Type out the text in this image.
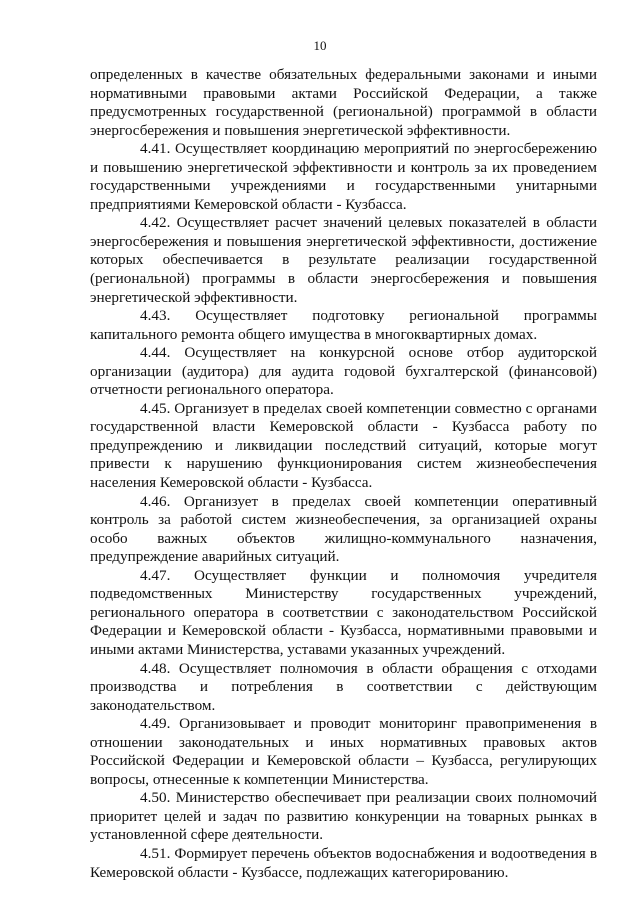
10

определенных в качестве обязательных федеральными законами и иными нормативными правовыми актами Российской Федерации, а также предусмотренных государственной (региональной) программой в области энергосбережения и повышения энергетической эффективности.

4.41. Осуществляет координацию мероприятий по энергосбережению и повышению энергетической эффективности и контроль за их проведением государственными учреждениями и государственными унитарными предприятиями Кемеровской области - Кузбасса.

4.42. Осуществляет расчет значений целевых показателей в области энергосбережения и повышения энергетической эффективности, достижение которых обеспечивается в результате реализации государственной (региональной) программы в области энергосбережения и повышения энергетической эффективности.

4.43. Осуществляет подготовку региональной программы капитального ремонта общего имущества в многоквартирных домах.

4.44. Осуществляет на конкурсной основе отбор аудиторской организации (аудитора) для аудита годовой бухгалтерской (финансовой) отчетности регионального оператора.

4.45. Организует в пределах своей компетенции совместно с органами государственной власти Кемеровской области - Кузбасса работу по предупреждению и ликвидации последствий ситуаций, которые могут привести к нарушению функционирования систем жизнеобеспечения населения Кемеровской области - Кузбасса.

4.46. Организует в пределах своей компетенции оперативный контроль за работой систем жизнеобеспечения, за организацией охраны особо важных объектов жилищно-коммунального назначения, предупреждение аварийных ситуаций.

4.47. Осуществляет функции и полномочия учредителя подведомственных Министерству государственных учреждений, регионального оператора в соответствии с законодательством Российской Федерации и Кемеровской области - Кузбасса, нормативными правовыми и иными актами Министерства, уставами указанных учреждений.

4.48. Осуществляет полномочия в области обращения с отходами производства и потребления в соответствии с действующим законодательством.

4.49. Организовывает и проводит мониторинг правоприменения в отношении законодательных и иных нормативных правовых актов Российской Федерации и Кемеровской области – Кузбасса, регулирующих вопросы, отнесенные к компетенции Министерства.

4.50. Министерство обеспечивает при реализации своих полномочий приоритет целей и задач по развитию конкуренции на товарных рынках в установленной сфере деятельности.

4.51. Формирует перечень объектов водоснабжения и водоотведения в Кемеровской области - Кузбассе, подлежащих категорированию.
